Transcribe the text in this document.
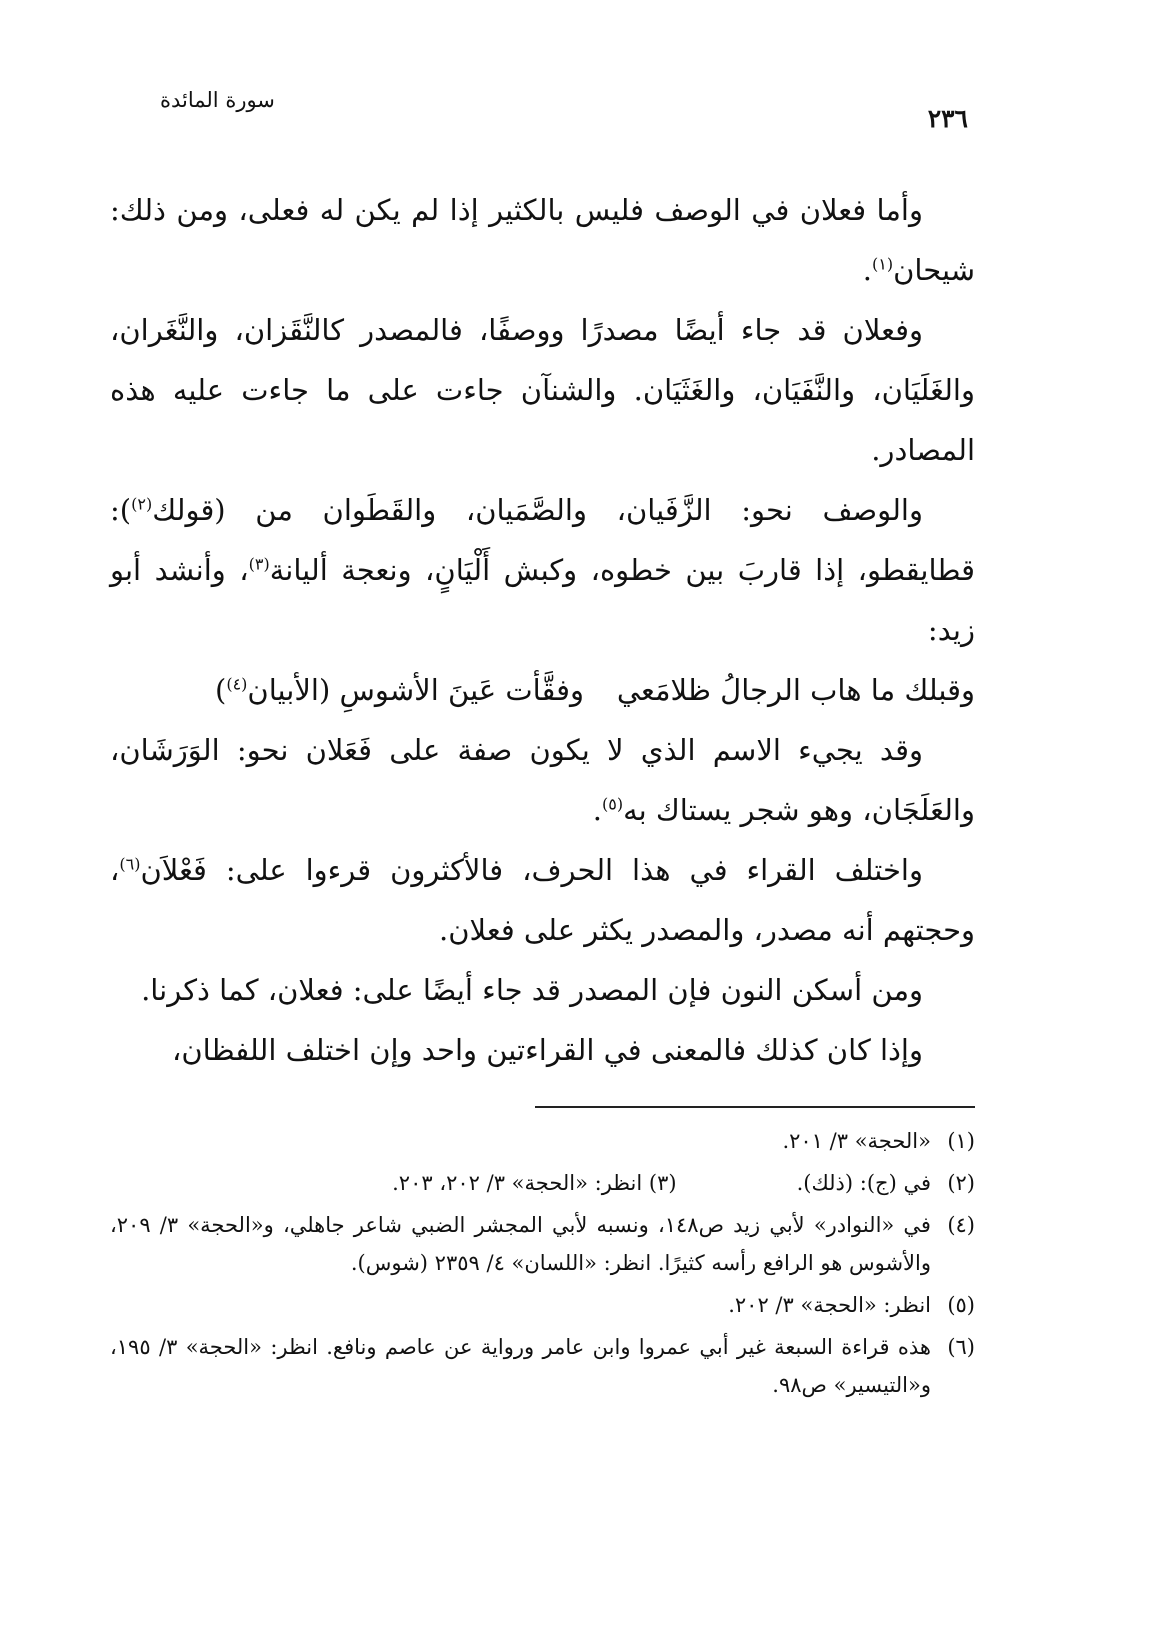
سورة المائدة
٢٣٦

وأما فعلان في الوصف فليس بالكثير إذا لم يكن له فعلى، ومن ذلك: شيحان$^{(١)}$.

وفعلان قد جاء أيضًا مصدرًا ووصفًا، فالمصدر كالنَّقَزان، والنَّغَران، والغَلَيَان، والنَّفَيَان، والغَثَيَان. والشنآن جاءت على ما جاءت عليه هذه المصادر.

والوصف نحو: الزَّفَيان، والصَّمَيان، والقَطَوان من (قولك$^{(٢)}$): قطايقطو، إذا قاربَ بين خطوه، وكبش أَلْيَانٍ، ونعجة أليانة$^{(٣)}$، وأنشد أبو زيد:

وقبلك ما هاب الرجالُ ظلامَعي
وفقَّأت عَينَ الأشوسِ (الأبيان$^{(٤)}$)

وقد يجيء الاسم الذي لا يكون صفة على فَعَلان نحو: الوَرَشَان، والعَلَجَان، وهو شجر يستاك به$^{(٥)}$.

واختلف القراء في هذا الحرف، فالأكثرون قرءوا على: فَعْلاَن$^{(٦)}$، وحجتهم أنه مصدر، والمصدر يكثر على فعلان.

ومن أسكن النون فإن المصدر قد جاء أيضًا على: فعلان، كما ذكرنا.

وإذا كان كذلك فالمعنى في القراءتين واحد وإن اختلف اللفظان،

(١)
«الحجة» ٣/ ٢٠١.
(٢)
في (ج): (ذلك).
(٣) انظر: «الحجة» ٣/ ٢٠٢، ٢٠٣.
(٤)
في «النوادر» لأبي زيد ص١٤٨، ونسبه لأبي المجشر الضبي شاعر جاهلي، و«الحجة» ٣/ ٢٠٩، والأشوس هو الرافع رأسه كثيرًا. انظر: «اللسان» ٤/ ٢٣٥٩ (شوس).
(٥)
انظر: «الحجة» ٣/ ٢٠٢.
(٦)
هذه قراءة السبعة غير أبي عمروا وابن عامر ورواية عن عاصم ونافع. انظر: «الحجة» ٣/ ١٩٥، و«التيسير» ص٩٨.
